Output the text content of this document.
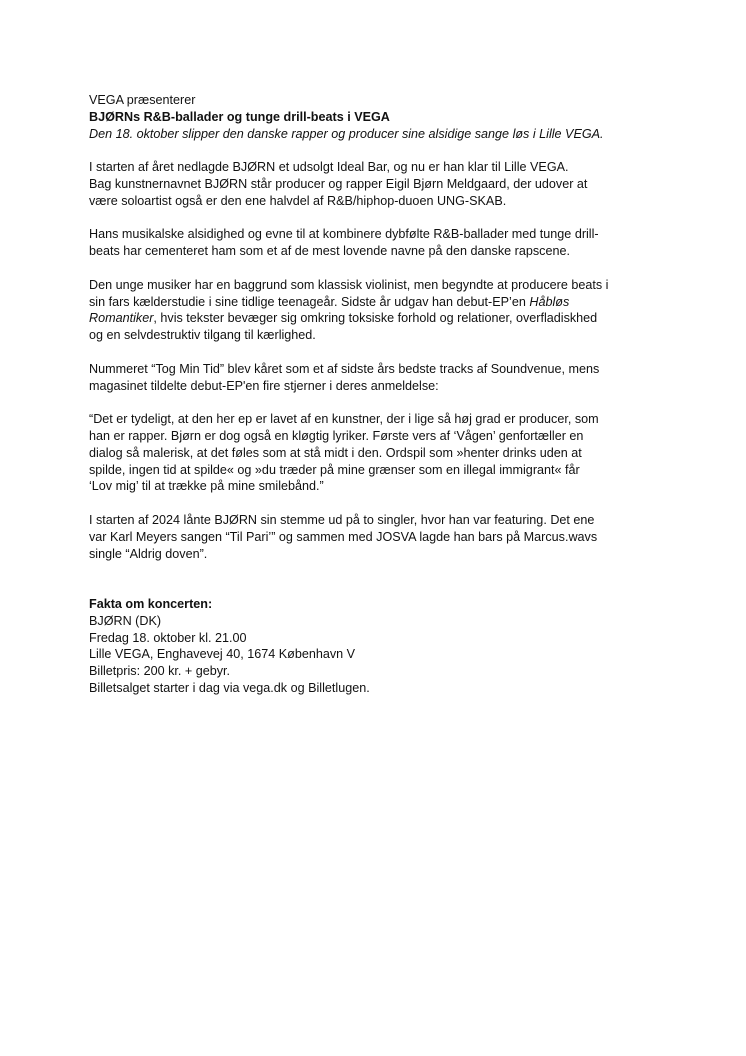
VEGA præsenterer
BJØRNs R&B-ballader og tunge drill-beats i VEGA
Den 18. oktober slipper den danske rapper og producer sine alsidige sange løs i Lille VEGA.
I starten af året nedlagde BJØRN et udsolgt Ideal Bar, og nu er han klar til Lille VEGA.
Bag kunstnernavnet BJØRN står producer og rapper Eigil Bjørn Meldgaard, der udover at
være soloartist også er den ene halvdel af R&B/hiphop-duoen UNG-SKAB.
Hans musikalske alsidighed og evne til at kombinere dybfølte R&B-ballader med tunge drill-
beats har cementeret ham som et af de mest lovende navne på den danske rapscene.
Den unge musiker har en baggrund som klassisk violinist, men begyndte at producere beats i
sin fars kælderstudie i sine tidlige teenageår. Sidste år udgav han debut-EP’en Håbløs
Romantiker, hvis tekster bevæger sig omkring toksiske forhold og relationer, overfladiskhed
og en selvdestruktiv tilgang til kærlighed.
Nummeret “Tog Min Tid” blev kåret som et af sidste års bedste tracks af Soundvenue, mens
magasinet tildelte debut-EP'en fire stjerner i deres anmeldelse:
“Det er tydeligt, at den her ep er lavet af en kunstner, der i lige så høj grad er producer, som
han er rapper. Bjørn er dog også en kløgtig lyriker. Første vers af ‘Vågen’ genfortæller en
dialog så malerisk, at det føles som at stå midt i den. Ordspil som »henter drinks uden at
spilde, ingen tid at spilde« og »du træder på mine grænser som en illegal immigrant« får
‘Lov mig’ til at trække på mine smilebånd.”
I starten af 2024 lånte BJØRN sin stemme ud på to singler, hvor han var featuring. Det ene
var Karl Meyers sangen “Til Pari’” og sammen med JOSVA lagde han bars på Marcus.wavs
single “Aldrig doven”.
Fakta om koncerten:
BJØRN (DK)
Fredag 18. oktober kl. 21.00
Lille VEGA, Enghavevej 40, 1674 København V
Billetpris: 200 kr. + gebyr.
Billetsalget starter i dag via vega.dk og Billetlugen.
